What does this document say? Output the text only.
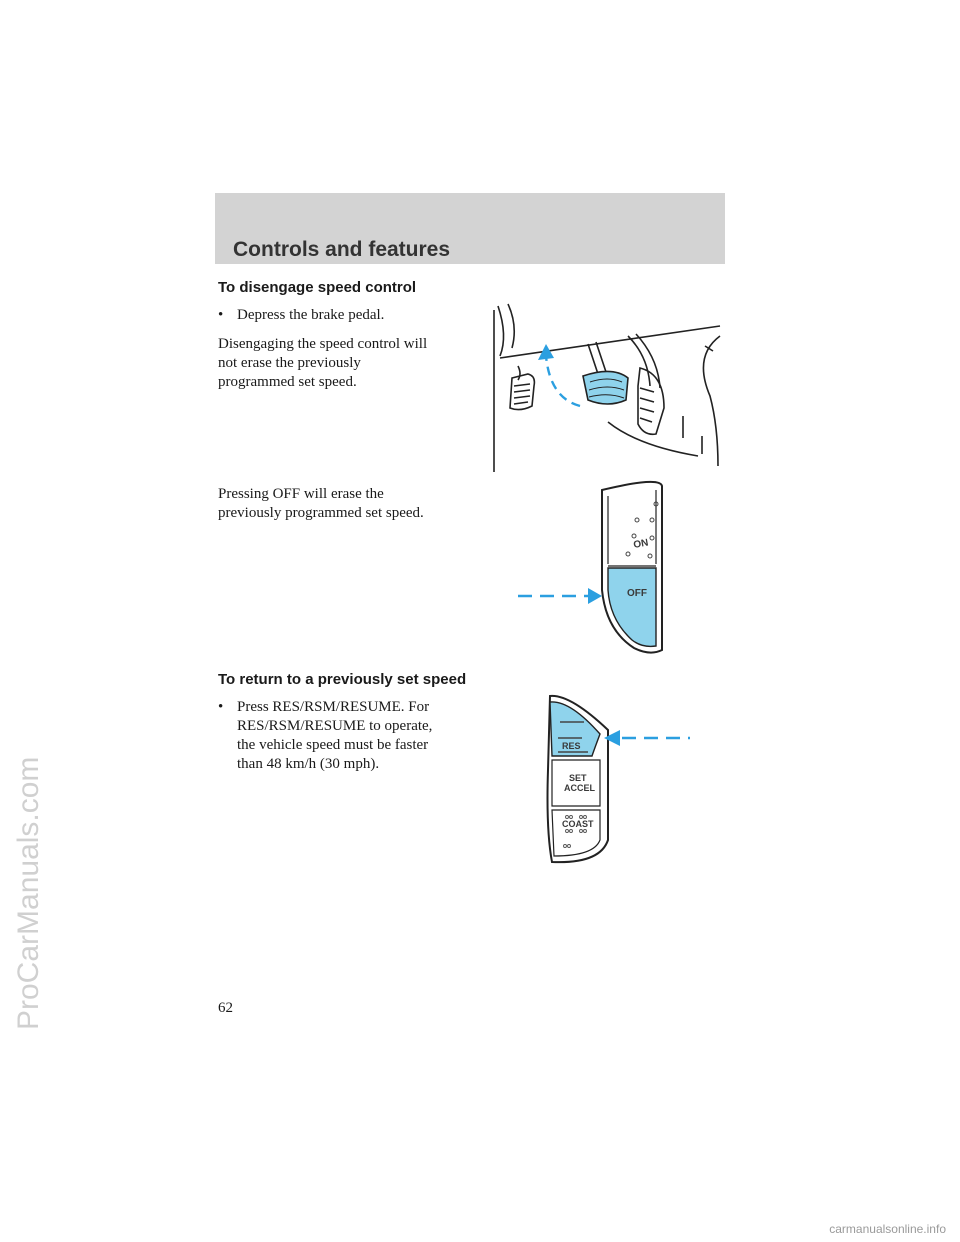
Controls and features
To disengage speed control
• Depress the brake pedal.

Disengaging the speed control will
not erase the previously
programmed set speed.

Pressing OFF will erase the
previously programmed set speed.

ON
OFF
To return to a previously set speed
• Press RES/RSM/RESUME. For
RES/RSM/RESUME to operate,
the vehicle speed must be faster
than 48 km/h (30 mph).

RES
SET
ACCEL
COAST

62

ProCarManuals.com
carmanualsonline.info
